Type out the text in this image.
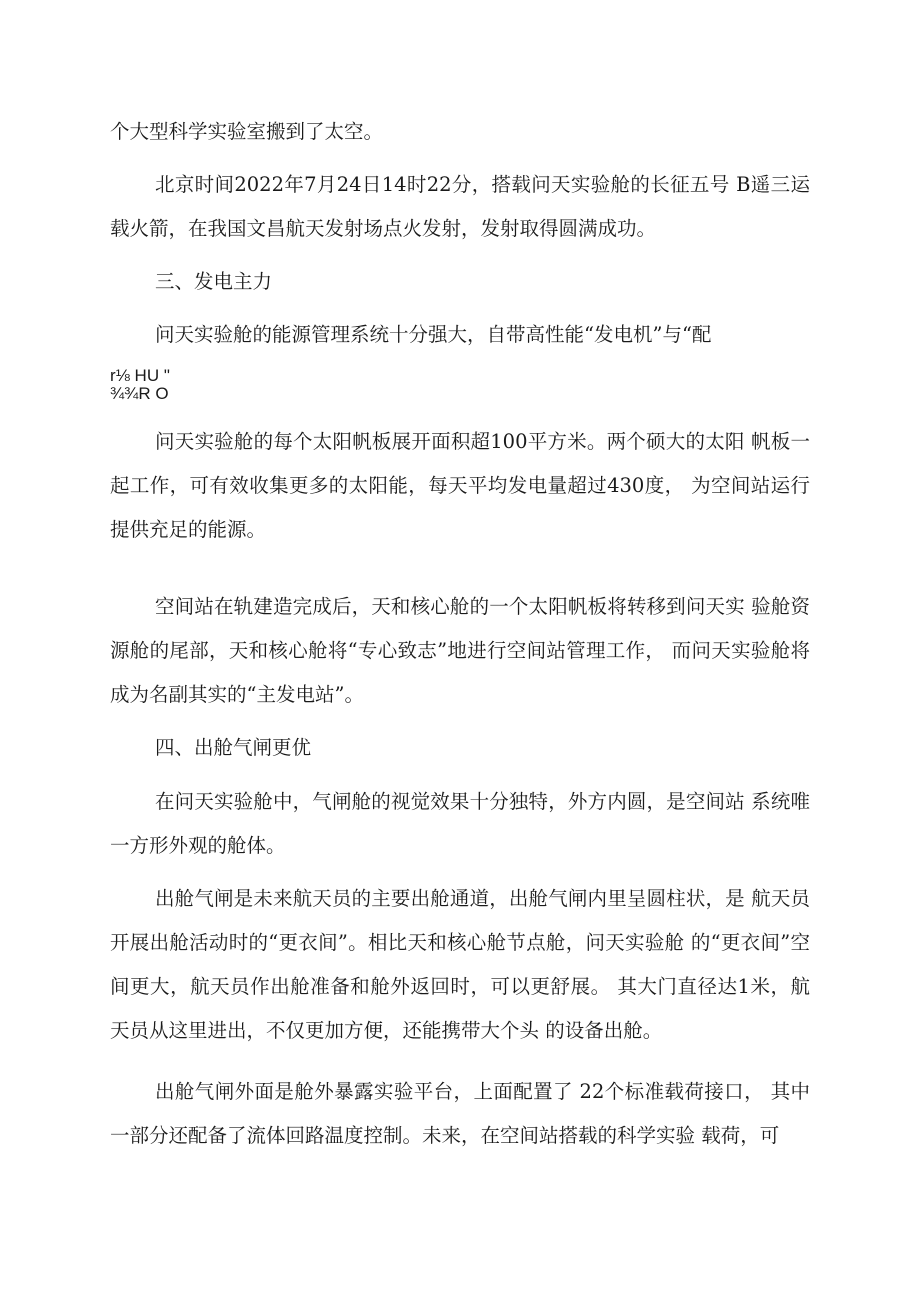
个大型科学实验室搬到了太空。

北京时间2022年7月24日14时22分，搭载问天实验舱的长征五号 B遥三运载火箭，在我国文昌航天发射场点火发射，发射取得圆满成功。

三、发电主力

问天实验舱的能源管理系统十分强大，自带高性能“发电机”与“配

r⅛ HU "

¾¾R O

问天实验舱的每个太阳帆板展开面积超100平方米。两个硕大的太阳 帆板一起工作，可有效收集更多的太阳能，每天平均发电量超过430度， 为空间站运行提供充足的能源。

空间站在轨建造完成后，天和核心舱的一个太阳帆板将转移到问天实 验舱资源舱的尾部，天和核心舱将“专心致志”地进行空间站管理工作， 而问天实验舱将成为名副其实的“主发电站”。

四、出舱气闸更优

在问天实验舱中，气闸舱的视觉效果十分独特，外方内圆，是空间站 系统唯一方形外观的舱体。

出舱气闸是未来航天员的主要出舱通道，出舱气闸内里呈圆柱状，是 航天员开展出舱活动时的“更衣间”。相比天和核心舱节点舱，问天实验舱 的“更衣间”空间更大，航天员作出舱准备和舱外返回时，可以更舒展。 其大门直径达1米，航天员从这里进出，不仅更加方便，还能携带大个头 的设备出舱。

出舱气闸外面是舱外暴露实验平台，上面配置了 22个标准载荷接口， 其中一部分还配备了流体回路温度控制。未来，在空间站搭载的科学实验 载荷，可
